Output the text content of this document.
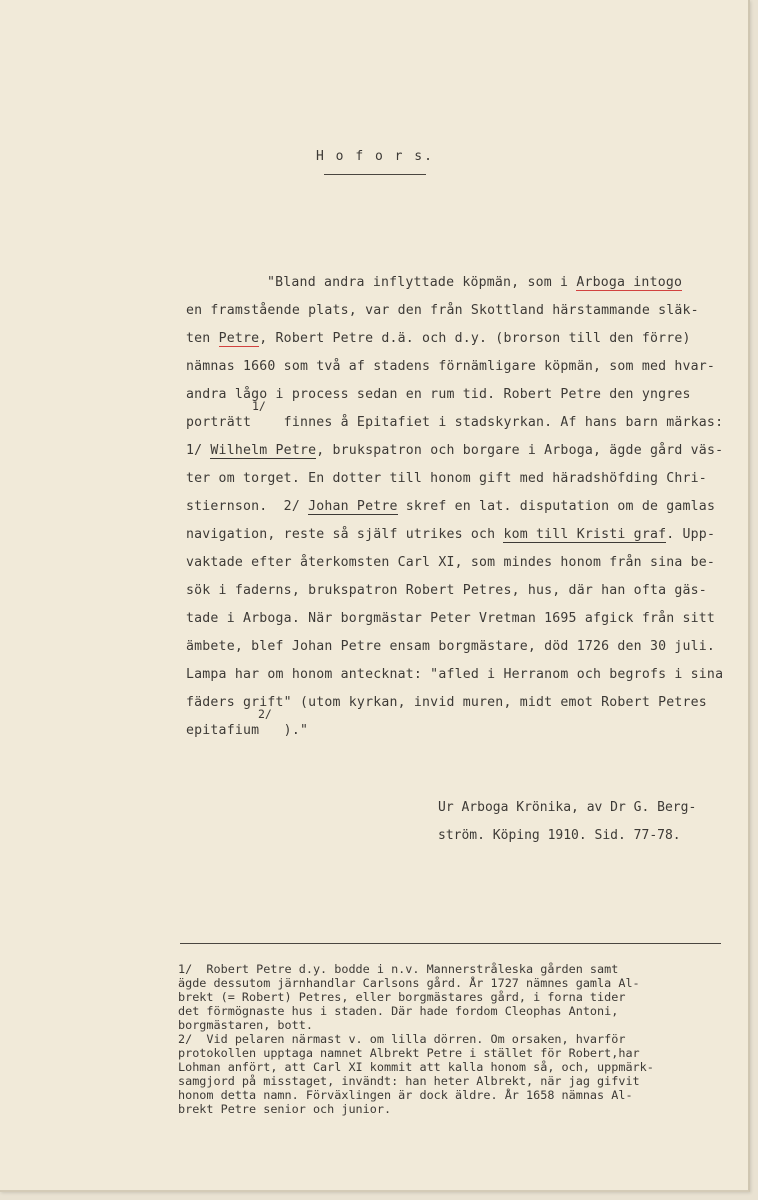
H o f o r s.
"Bland andra inflyttade köpmän, som i Arboga intogo
en framstående plats, var den från Skottland härstammande släk-
ten Petre, Robert Petre d.ä. och d.y. (brorson till den förre)
nämnas 1660 som två af stadens förnämligare köpmän, som med hvar-
andra lågo i process sedan en rum tid. Robert Petre den yngres
porträtt    finnes å Epitafiet i stadskyrkan. Af hans barn märkas:
1/ Wilhelm Petre, brukspatron och borgare i Arboga, ägde gård väs-
ter om torget. En dotter till honom gift med häradshöfding Chri-
stiernson.  2/ Johan Petre skref en lat. disputation om de gamlas
navigation, reste så själf utrikes och kom till Kristi graf. Upp-
vaktade efter återkomsten Carl XI, som mindes honom från sina be-
sök i faderns, brukspatron Robert Petres, hus, där han ofta gäs-
tade i Arboga. När borgmästar Peter Vretman 1695 afgick från sitt
ämbete, blef Johan Petre ensam borgmästare, död 1726 den 30 juli.
Lampa har om honom antecknat: "afled i Herranom och begrofs i sina
fäders grift" (utom kyrkan, invid muren, midt emot Robert Petres
epitafium   )."
1/
2/
Ur Arboga Krönika, av Dr G. Berg-
ström. Köping 1910. Sid. 77-78.
1/  Robert Petre d.y. bodde i n.v. Mannerstråleska gården samt
ägde dessutom järnhandlar Carlsons gård. År 1727 nämnes gamla Al-
brekt (= Robert) Petres, eller borgmästares gård, i forna tider
det förmögnaste hus i staden. Där hade fordom Cleophas Antoni,
borgmästaren, bott.
2/  Vid pelaren närmast v. om lilla dörren. Om orsaken, hvarför
protokollen upptaga namnet Albrekt Petre i stället för Robert,har
Lohman anfört, att Carl XI kommit att kalla honom så, och, uppmärk-
samgjord på misstaget, invändt: han heter Albrekt, när jag gifvit
honom detta namn. Förväxlingen är dock äldre. År 1658 nämnas Al-
brekt Petre senior och junior.
